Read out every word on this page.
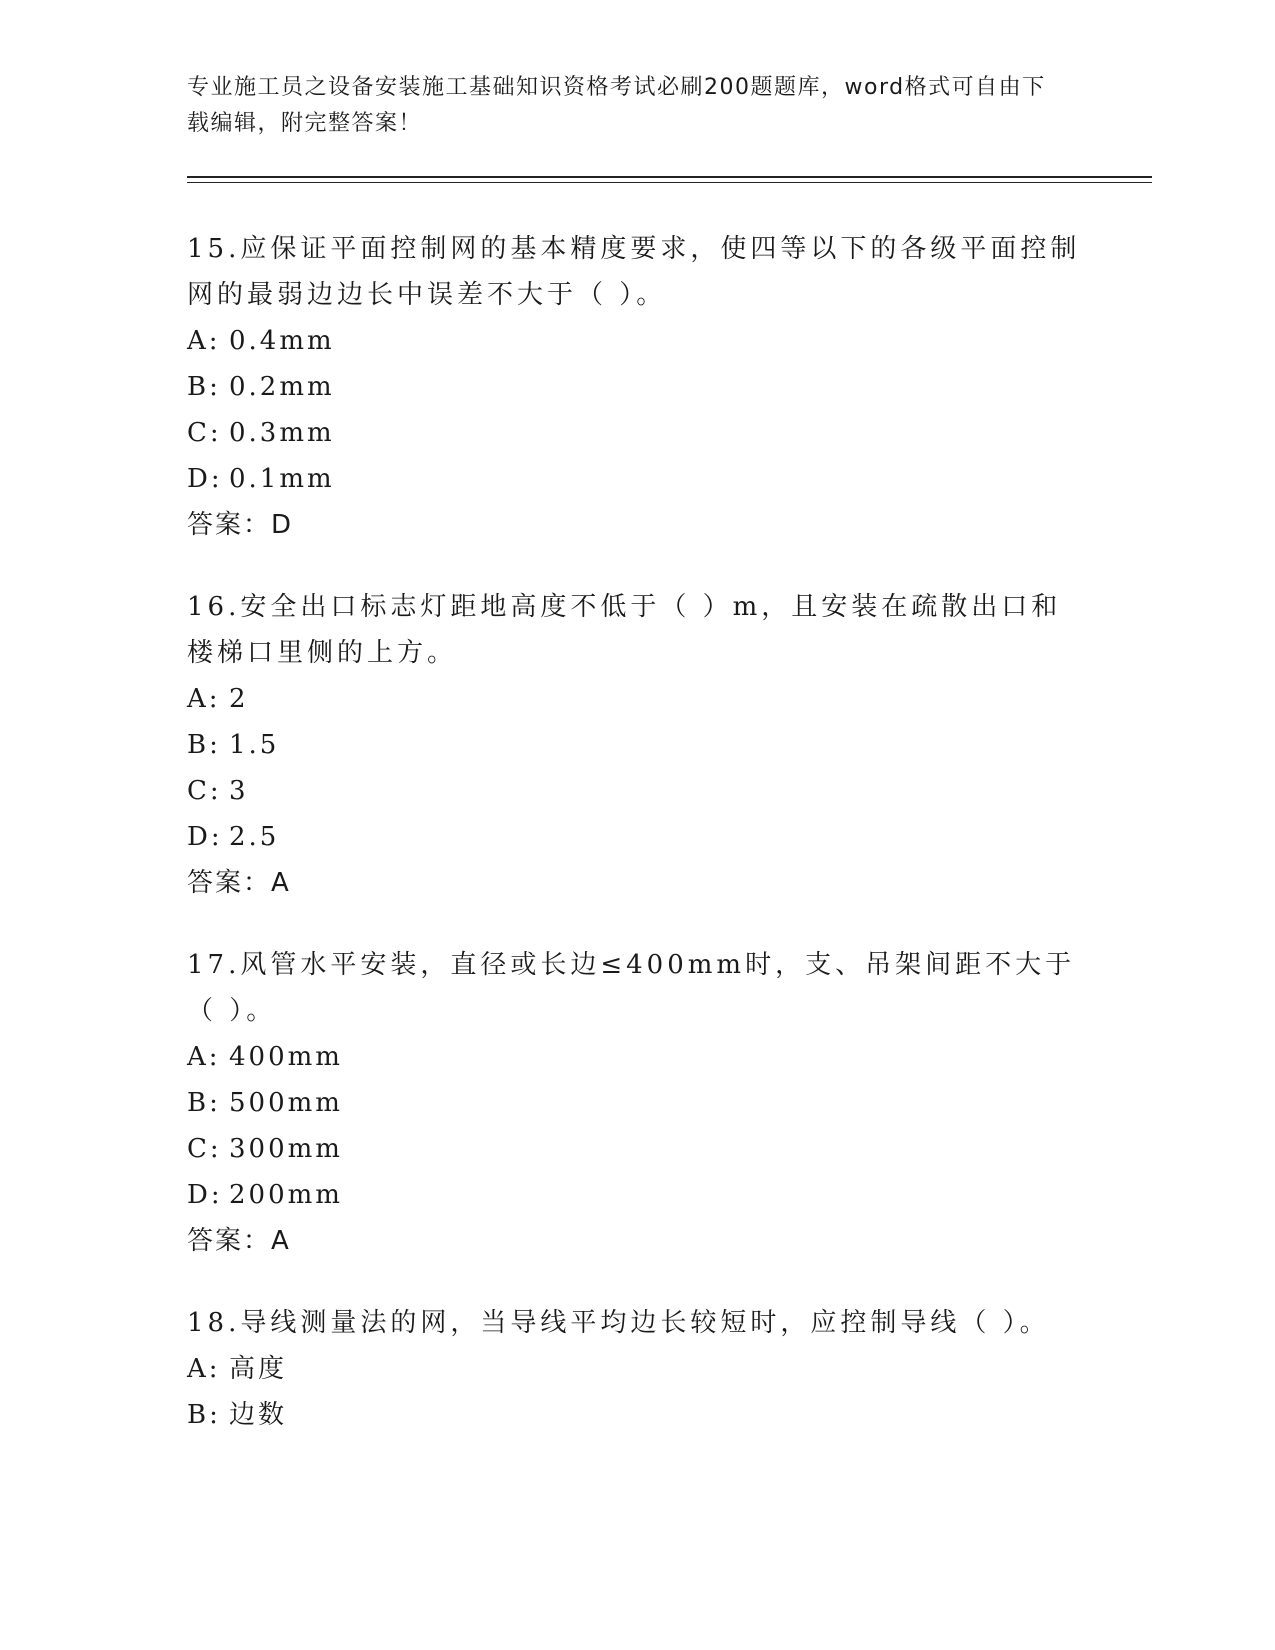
专业施工员之设备安装施工基础知识资格考试必刷200题题库，word格式可自由下载编辑，附完整答案！

15.应保证平面控制网的基本精度要求，使四等以下的各级平面控制网的最弱边边长中误差不大于（ ）。

A: 0.4mm

B: 0.2mm

C: 0.3mm

D: 0.1mm

答案：D

16.安全出口标志灯距地高度不低于（ ）m，且安装在疏散出口和楼梯口里侧的上方。

A: 2

B: 1.5

C: 3

D: 2.5

答案：A

17.风管水平安装，直径或长边≤400mm时，支、吊架间距不大于（ ）。

A: 400mm

B: 500mm

C: 300mm

D: 200mm

答案：A

18.导线测量法的网，当导线平均边长较短时，应控制导线（ ）。

A: 高度

B: 边数
